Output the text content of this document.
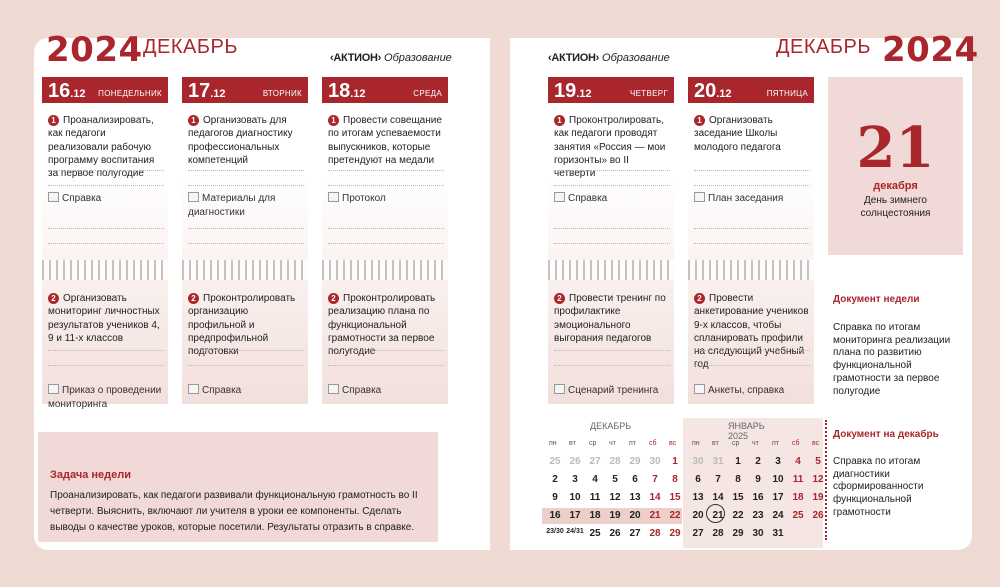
2024 ДЕКАБРЬ	‹АКТИОН› Образование	‹АКТИОН› Образование	ДЕКАБРЬ 2024
16.12 ПОНЕДЕЛЬНИК
1 Проанализировать, как педагоги реализовали рабочую программу воспитания за первое полугодие
Справка
2 Организовать мониторинг личностных результатов учеников 4, 9 и 11-х классов
Приказ о проведении мониторинга
17.12	ВТОРНИК
1 Организовать для педагогов диагностику профессиональных компетенций
Материалы для диагностики
2 Проконтролировать организацию профильной и предпрофильной подготовки
Справка
18.12	СРЕДА
1 Провести совещание по итогам успеваемости выпускников, которые претендуют на медали
Протокол
2 Проконтролировать реализацию плана по функциональной грамотности за первое полугодие
Справка
19.12	ЧЕТВЕРГ
1 Проконтролировать, как педагоги проводят занятия «Россия — мои горизонты» во II четверти
Справка
2 Провести тренинг по профилактике эмоционального выгорания педагогов
Сценарий тренинга
20.12	ПЯТНИЦА
1 Организовать заседание Школы молодого педагога
План заседания
2 Провести анкетирование учеников 9-х классов, чтобы спланировать профили на следующий учебный год
Анкеты, справка
Задача недели
Проанализировать, как педагоги развивали функциональную грамотность во II четверти. Выяснить, включают ли учителя в уроки ее компоненты. Сделать выводы о качестве уроков, которые посетили. Результаты отразить в справке.
21
декабря
День зимнего солнцестояния
Документ недели
Справка по итогам мониторинга реализации плана по развитию функциональной грамотности за первое полугодие
Документ на декабрь
Справка по итогам диагностики сформированности функциональной грамотности
ДЕКАБРЬ
пн вт ср чт пт сб вс
25 26 27 28 29 30	1
2	3	4	5	6	7	8
9	10 11 12 13 14 15
16 17 18 19 20 21 22
23/30 24/31 25 26 27 28 29
ЯНВАРЬ 2025
пн вт ср чт пт сб вс
30 31	1	2	3	4	5
6	7	8	9	10 11 12
13 14 15 16 17 18 19
20 21 22 23 24 25 26
27 28 29 30 31
